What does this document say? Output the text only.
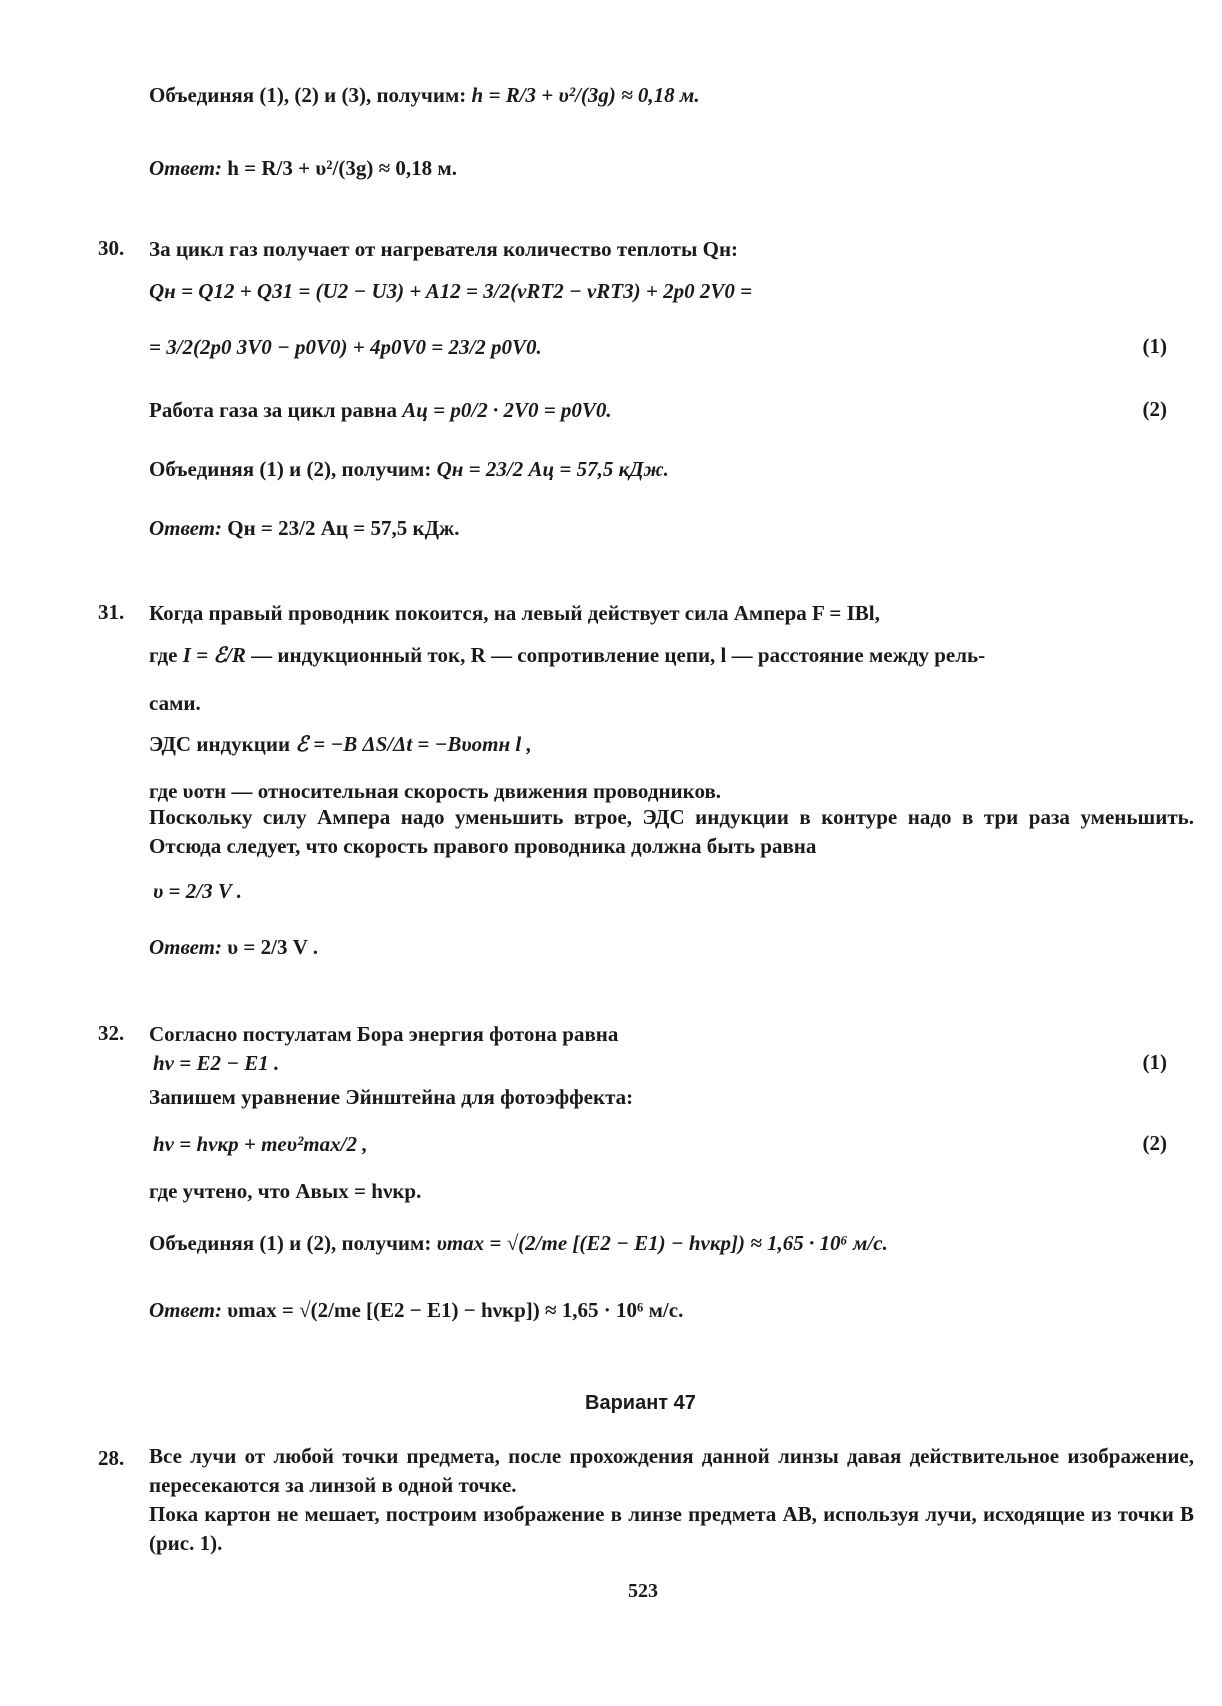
Объединяя (1), (2) и (3), получим: h = R/3 + υ²/(3g) ≈ 0,18 м.
Ответ: h = R/3 + υ²/(3g) ≈ 0,18 м.
30. За цикл газ получает от нагревателя количество теплоты Qн:
Qн = Q12 + Q31 = (U2 − U3) + A12 = 3/2(νRT2 − νRT3) + 2p0 2V0 =
= 3/2(2p0 3V0 − p0V0) + 4p0V0 = 23/2 p0V0.	(1)
Работа газа за цикл равна Aц = p0/2 · 2V0 = p0V0.	(2)
Объединяя (1) и (2), получим: Qн = 23/2 Aц = 57,5 кДж.
Ответ: Qн = 23/2 Aц = 57,5 кДж.
31. Когда правый проводник покоится, на левый действует сила Ампера F = IBl,
где I = ℰ/R — индукционный ток, R — сопротивление цепи, l — расстояние между рель-
сами.
ЭДС индукции ℰ = −B ΔS/Δt = −Bυотн l ,
где υотн — относительная скорость движения проводников.
Поскольку силу Ампера надо уменьшить втрое, ЭДС индукции в контуре надо в три раза уменьшить. Отсюда следует, что скорость правого проводника должна быть равна
υ = 2/3 V .
Ответ: υ = 2/3 V .
32. Согласно постулатам Бора энергия фотона равна
hν = E2 − E1 .	(1)
Запишем уравнение Эйнштейна для фотоэффекта:
hν = hνкр + meυ²max/2 ,	(2)
где учтено, что Aвых = hνкр.
Объединяя (1) и (2), получим: υmax = √(2/me [(E2 − E1) − hνкр]) ≈ 1,65 · 10⁶ м/с.
Ответ: υmax = √(2/me [(E2 − E1) − hνкр]) ≈ 1,65 · 10⁶ м/с.
Вариант 47
28. Все лучи от любой точки предмета, после прохождения данной линзы давая действительное изображение, пересекаются за линзой в одной точке.
Пока картон не мешает, построим изображение в линзе предмета AB, используя лучи, исходящие из точки B (рис. 1).
523
